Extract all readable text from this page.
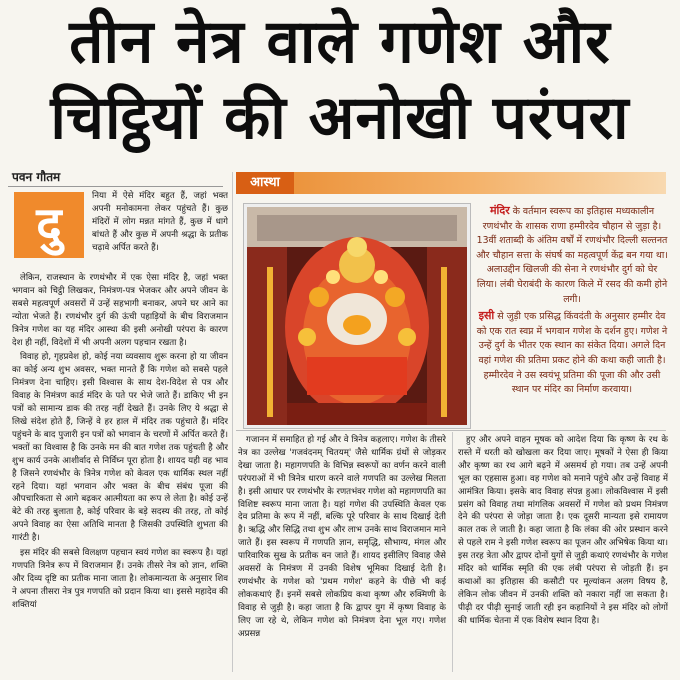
तीन नेत्र वाले गणेश और
चिट्ठियों की अनोखी परंपरा
पवन गौतम
दु
निया में ऐसे मंदिर बहुत हैं, जहां भक्त अपनी मनोकामना लेकर पहुंचते हैं। कुछ मंदिरों में लोग मन्नत मांगते हैं, कुछ में धागे बांधते हैं और कुछ में अपनी श्रद्धा के प्रतीक चढ़ावे अर्पित करते हैं।

लेकिन, राजस्थान के रणथंभौर में एक ऐसा मंदिर है, जहां भक्त भगवान को चिट्ठी लिखकर, निमंत्रण-पत्र भेजकर और अपने जीवन के सबसे महत्वपूर्ण अवसरों में उन्हें सहभागी बनाकर, अपने घर आने का न्योता भेजते हैं। रणथंभौर दुर्ग की ऊंची पहाड़ियों के बीच विराजमान त्रिनेत्र गणेश का यह मंदिर आस्था की इसी अनोखी परंपरा के कारण देश ही नहीं, विदेशों में भी अपनी अलग पहचान रखता है।

विवाह हो, गृहप्रवेश हो, कोई नया व्यवसाय शुरू करना हो या जीवन का कोई अन्य शुभ अवसर, भक्त मानते हैं कि गणेश को सबसे पहले निमंत्रण देना चाहिए। इसी विश्वास के साथ देश-विदेश से पत्र और विवाह के निमंत्रण कार्ड मंदिर के पते पर भेजे जाते हैं। डाकिए भी इन पत्रों को सामान्य डाक की तरह नहीं देखते हैं। उनके लिए ये श्रद्धा से लिखे संदेश होते हैं, जिन्हें वे हर हाल में मंदिर तक पहुंचाते हैं। मंदिर पहुंचने के बाद पुजारी इन पत्रों को भगवान के चरणों में अर्पित करते हैं। भक्तों का विश्वास है कि उनके मन की बात गणेश तक पहुंचती है और शुभ कार्य उनके आशीर्वाद से निर्विघ्न पूरा होता है। शायद यही वह भाव है जिसने रणथंभौर के त्रिनेत्र गणेश को केवल एक धार्मिक स्थल नहीं रहने दिया। यहां भगवान और भक्त के बीच संबंध पूजा की औपचारिकता से आगे बढ़कर आत्मीयता का रूप ले लेता है। कोई उन्हें बेटे की तरह बुलाता है, कोई परिवार के बड़े सदस्य की तरह, तो कोई अपने विवाह का ऐसा अतिथि मानता है जिसकी उपस्थिति शुभता की गारंटी है।

इस मंदिर की सबसे विलक्षण पहचान स्वयं गणेश का स्वरूप है। यहां गणपति त्रिनेत्र रूप में विराजमान हैं। उनके तीसरे नेत्र को ज्ञान, शक्ति और दिव्य दृष्टि का प्रतीक माना जाता है। लोकमान्यता के अनुसार शिव ने अपना तीसरा नेत्र पुत्र गणपति को प्रदान किया था। इससे महादेव की शक्तियां

आस्था

मंदिर के वर्तमान स्वरूप का इतिहास मध्यकालीन रणथंभौर के शासक राणा हम्मीरदेव चौहान से जुड़ा है। 13वीं शताब्दी के अंतिम वर्षों में रणथंभौर दिल्ली सल्तनत और चौहान सत्ता के संघर्ष का महत्वपूर्ण केंद्र बन गया था। अलाउद्दीन खिलजी की सेना ने रणथंभौर दुर्ग को घेर लिया। लंबी घेराबंदी के कारण किले में रसद की कमी होने लगी।

इसी से जुड़ी एक प्रसिद्ध किंवदंती के अनुसार हम्मीर देव को एक रात स्वप्न में भगवान गणेश के दर्शन हुए। गणेश ने उन्हें दुर्ग के भीतर एक स्थान का संकेत दिया। अगले दिन वहां गणेश की प्रतिमा प्रकट होने की कथा कही जाती है। हम्मीरदेव ने उस स्वयंभू प्रतिमा की पूजा की और उसी स्थान पर मंदिर का निर्माण करवाया।

गजानन में समाहित हो गई और वे त्रिनेत्र कहलाए। गणेश के तीसरे नेत्र का उल्लेख 'गजवंदनम् चितयम्' जैसे धार्मिक ग्रंथों से जोड़कर देखा जाता है। महागणपति के विभिन्न स्वरूपों का वर्णन करने वाली परंपराओं में भी त्रिनेत्र धारण करने वाले गणपति का उल्लेख मिलता है। इसी आधार पर रणथंभौर के रणतभंवर गणेश को महागणपति का विशिष्ट स्वरूप माना जाता है। यहां गणेश की उपस्थिति केवल एक देव प्रतिमा के रूप में नहीं, बल्कि पूरे परिवार के साथ दिखाई देती है। ऋद्धि और सिद्धि तथा शुभ और लाभ उनके साथ विराजमान माने जाते हैं। इस स्वरूप में गणपति ज्ञान, समृद्धि, सौभाग्य, मंगल और पारिवारिक सुख के प्रतीक बन जाते हैं। शायद इसीलिए विवाह जैसे अवसरों के निमंत्रण में उनकी विशेष भूमिका दिखाई देती है। रणथंभौर के गणेश को 'प्रथम गणेश' कहने के पीछे भी कई लोककथाएं हैं। इनमें सबसे लोकप्रिय कथा कृष्ण और रुक्मिणी के विवाह से जुड़ी है। कहा जाता है कि द्वापर युग में कृष्ण विवाह के लिए जा रहे थे, लेकिन गणेश को निमंत्रण देना भूल गए। गणेश अप्रसन्न

हुए और अपने वाहन मूषक को आदेश दिया कि कृष्ण के रथ के रास्ते में धरती को खोखला कर दिया जाए। मूषकों ने ऐसा ही किया और कृष्ण का रथ आगे बढ़ने में असमर्थ हो गया। तब उन्हें अपनी भूल का एहसास हुआ। वह गणेश को मनाने पहुंचे और उन्हें विवाह में आमंत्रित किया। इसके बाद विवाह संपन्न हुआ। लोकविश्वास में इसी प्रसंग को विवाह तथा मांगलिक अवसरों में गणेश को प्रथम निमंत्रण देने की परंपरा से जोड़ा जाता है। एक दूसरी मान्यता इसे रामायण काल तक ले जाती है। कहा जाता है कि लंका की ओर प्रस्थान करने से पहले राम ने इसी गणेश स्वरूप का पूजन और अभिषेक किया था। इस तरह त्रेता और द्वापर दोनों युगों से जुड़ी कथाएं रणथंभौर के गणेश मंदिर को धार्मिक स्मृति की एक लंबी परंपरा से जोड़ती हैं। इन कथाओं का इतिहास की कसौटी पर मूल्यांकन अलग विषय है, लेकिन लोक जीवन में उनकी शक्ति को नकारा नहीं जा सकता है। पीढ़ी दर पीढ़ी सुनाई जाती रही इन कहानियों ने इस मंदिर को लोगों की धार्मिक चेतना में एक विशेष स्थान दिया है।
